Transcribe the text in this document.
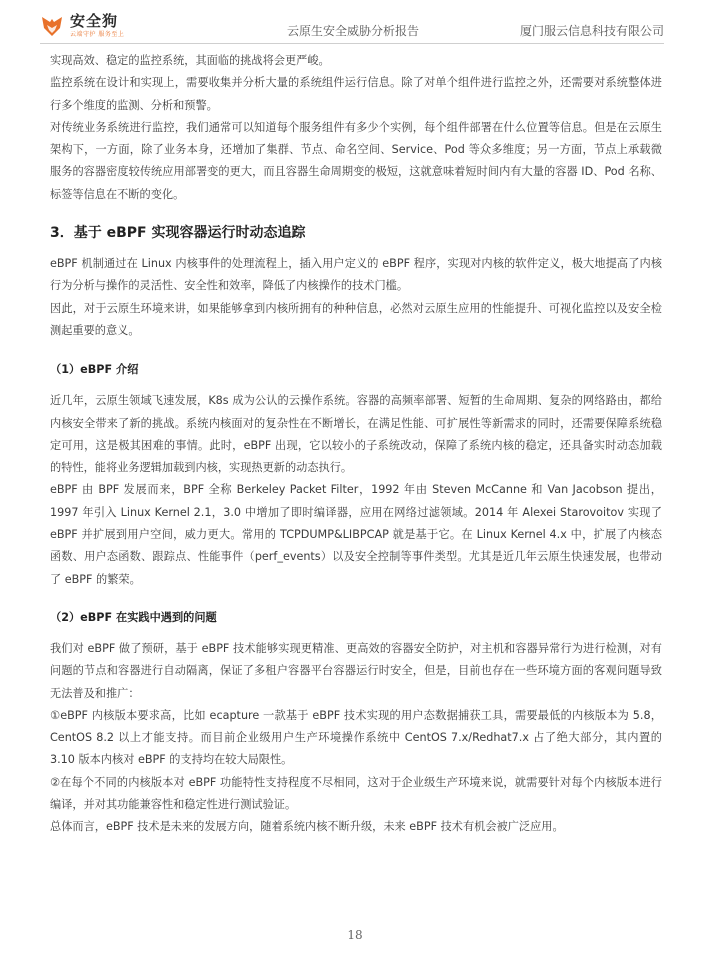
安全狗
云端守护 服务至上	云原生安全威胁分析报告	厦门服云信息科技有限公司

实现高效、稳定的监控系统，其面临的挑战将会更严峻。

监控系统在设计和实现上，需要收集并分析大量的系统组件运行信息。除了对单个组件进行监控之外，还需要对系统整体进行多个维度的监测、分析和预警。

对传统业务系统进行监控，我们通常可以知道每个服务组件有多少个实例，每个组件部署在什么位置等信息。但是在云原生架构下，一方面，除了业务本身，还增加了集群、节点、命名空间、Service、Pod 等众多维度；另一方面，节点上承载微服务的容器密度较传统应用部署变的更大，而且容器生命周期变的极短，这就意味着短时间内有大量的容器 ID、Pod 名称、标签等信息在不断的变化。

3．基于 eBPF 实现容器运行时动态追踪

eBPF 机制通过在 Linux 内核事件的处理流程上，插入用户定义的 eBPF 程序，实现对内核的软件定义，极大地提高了内核行为分析与操作的灵活性、安全性和效率，降低了内核操作的技术门槛。

因此，对于云原生环境来讲，如果能够拿到内核所拥有的种种信息，必然对云原生应用的性能提升、可视化监控以及安全检测起重要的意义。

（1）eBPF 介绍

近几年，云原生领域飞速发展，K8s 成为公认的云操作系统。容器的高频率部署、短暂的生命周期、复杂的网络路由，都给内核安全带来了新的挑战。系统内核面对的复杂性在不断增长，在满足性能、可扩展性等新需求的同时，还需要保障系统稳定可用，这是极其困难的事情。此时，eBPF 出现，它以较小的子系统改动，保障了系统内核的稳定，还具备实时动态加载的特性，能将业务逻辑加载到内核，实现热更新的动态执行。

eBPF 由 BPF 发展而来，BPF 全称 Berkeley Packet Filter，1992 年由 Steven McCanne 和 Van Jacobson 提出，1997 年引入 Linux Kernel 2.1，3.0 中增加了即时编译器，应用在网络过滤领域。2014 年 Alexei Starovoitov 实现了 eBPF 并扩展到用户空间，威力更大。常用的 TCPDUMP&LIBPCAP 就是基于它。在 Linux Kernel 4.x 中，扩展了内核态函数、用户态函数、跟踪点、性能事件（perf_events）以及安全控制等事件类型。尤其是近几年云原生快速发展，也带动了 eBPF 的繁荣。

（2）eBPF 在实践中遇到的问题

我们对 eBPF 做了预研，基于 eBPF 技术能够实现更精准、更高效的容器安全防护，对主机和容器异常行为进行检测，对有问题的节点和容器进行自动隔离，保证了多租户容器平台容器运行时安全，但是，目前也存在一些环境方面的客观问题导致无法普及和推广：

①eBPF 内核版本要求高，比如 ecapture 一款基于 eBPF 技术实现的用户态数据捕获工具，需要最低的内核版本为 5.8，CentOS 8.2 以上才能支持。而目前企业级用户生产环境操作系统中 CentOS 7.x/Redhat7.x 占了绝大部分，其内置的 3.10 版本内核对 eBPF 的支持均在较大局限性。

②在每个不同的内核版本对 eBPF 功能特性支持程度不尽相同，这对于企业级生产环境来说，就需要针对每个内核版本进行编译，并对其功能兼容性和稳定性进行测试验证。

总体而言，eBPF 技术是未来的发展方向，随着系统内核不断升级，未来 eBPF 技术有机会被广泛应用。

18
